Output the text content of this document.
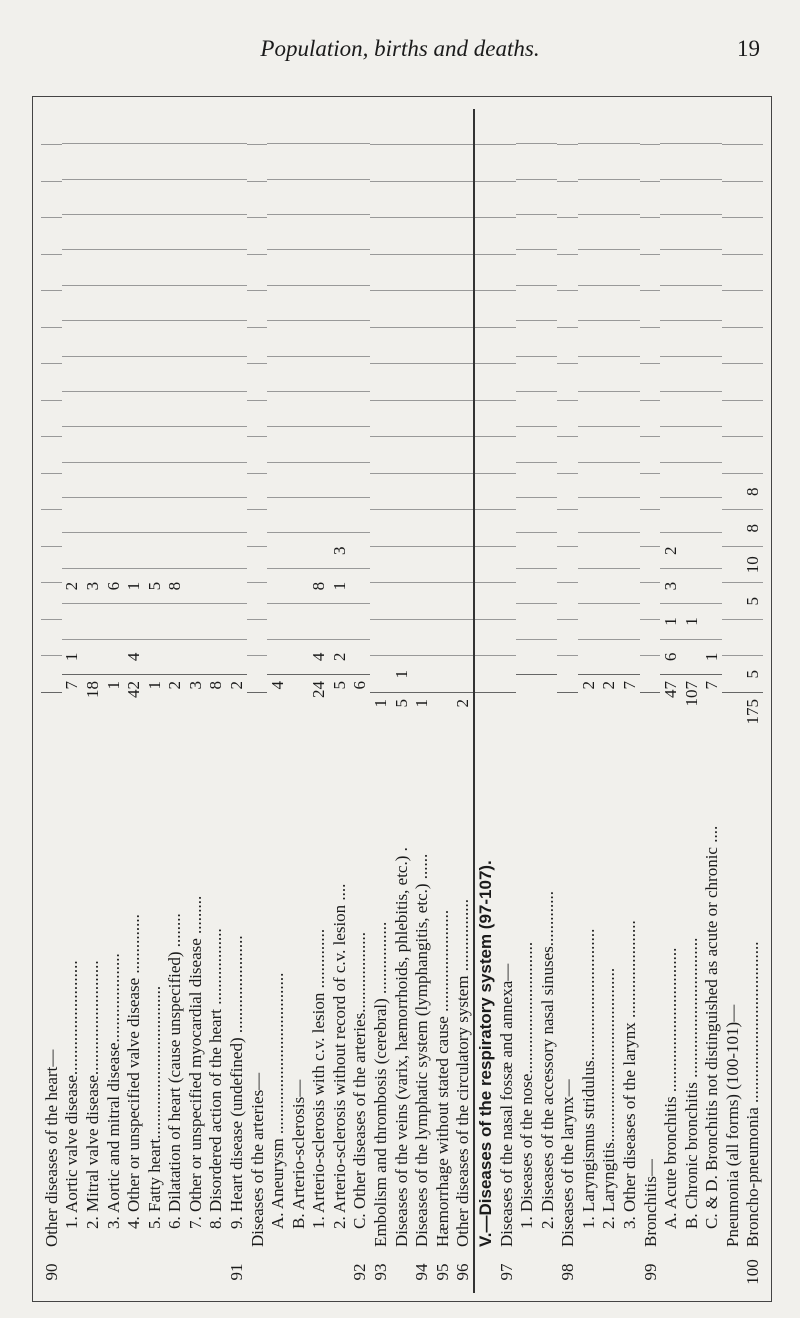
Population, births and deaths.	19
90
Other diseases of the heart— 1. Aortic valve disease...........................
7
1
2
2. Mitral valve disease...........................
18
3
3. Aortic and mitral disease.....................
1
6
4. Other or unspecified valve disease ..............
42
4
1
5. Fatty heart....................................
1
5
6. Dilatation of heart (cause unspecified) ........
2
8
7. Other or unspecified myocardial disease .........
3
8. Disordered action of the heart ..................
8
91
9. Heart disease (undefined) .......................
2
Diseases of the arteries— A. Aneurysm ......................................
4
B. Arterio-sclerosis— 1. Arterio-sclerosis with c.v. lesion ..............
24
4
8
2. Arterio-sclerosis without record of c.v. lesion ....
5
2
1
3
92
C. Other diseases of the arteries...................
6
93
Embolism and thrombosis (cerebral) .................
1
Diseases of the veins (varix, hæmorrhoids, phlebitis, etc.) .
5
1
94
Diseases of the lymphatic system (lymphangitis, etc.) ......
1
95
Hæmorrhage without stated cause ........................
96
Other diseases of the circulatory system .................
2
V.—Diseases of the respiratory system (97-107).
97
Diseases of the nasal fossæ and annexa— 1. Diseases of the nose............................... 2. Diseases of the accessory nasal sinuses.............
98
Diseases of the larynx— 1. Laryngismus stridulus...............................
2
2. Laryngitis.........................................
2
3. Other diseases of the larynx .......................
7
99
Bronchitis— A. Acute bronchitis ..................................
47
6
1
3
2
B. Chronic bronchitis .................................
107
1
C. & D. Bronchitis not distinguished as acute or chronic ....
7
1
Pneumonia (all forms) (100-101)—
100
Broncho-pneumonia ......................................
175
5
5
10
8
8
